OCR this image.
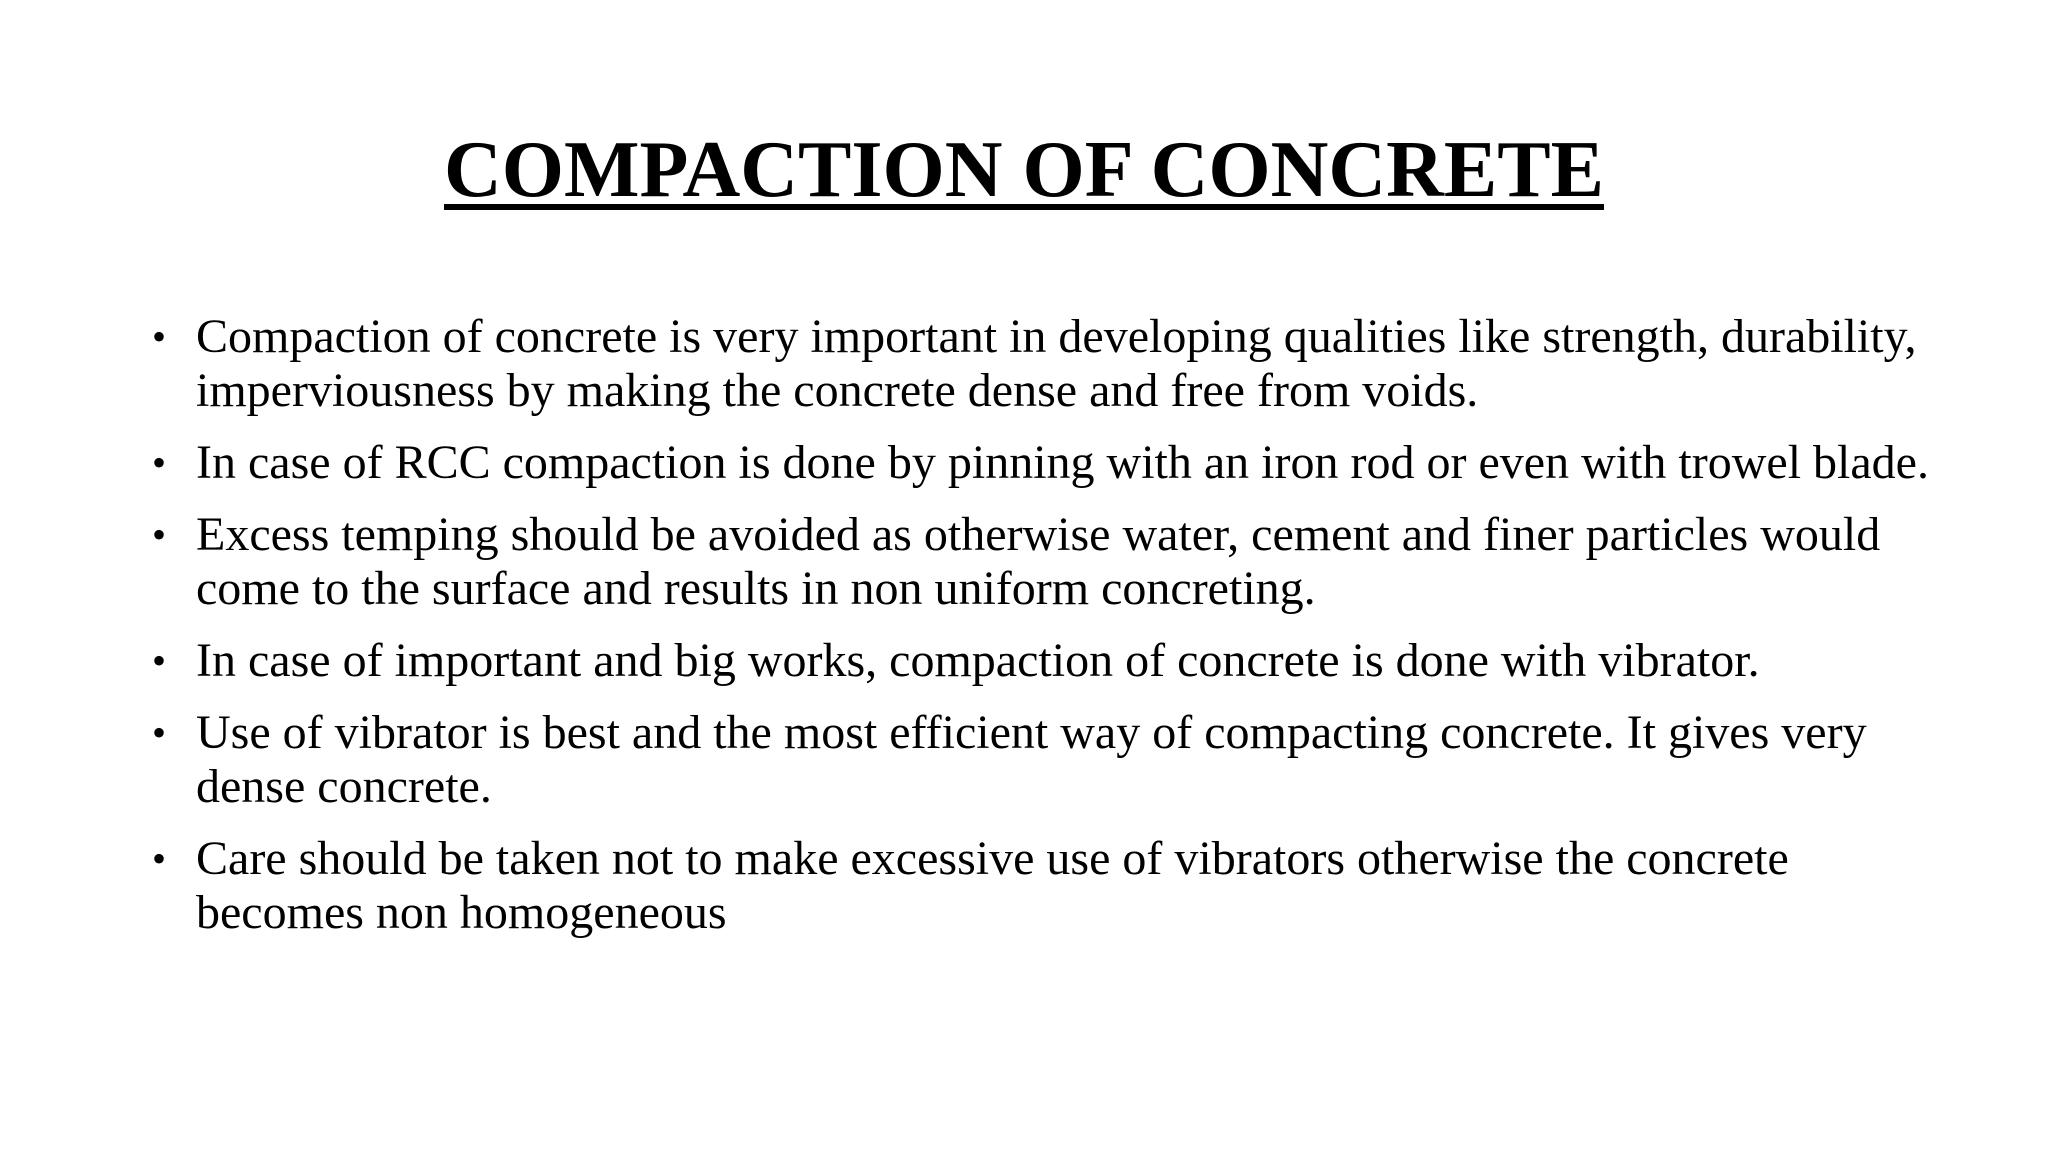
COMPACTION OF CONCRETE
• Compaction of concrete is very important in developing qualities like strength, durability, imperviousness by making the concrete dense and free from voids.
• In case of RCC compaction is done by pinning with an iron rod or even with trowel blade.
• Excess temping should be avoided as otherwise water, cement and finer particles would come to the surface and results in non uniform concreting.
• In case of important and big works, compaction of concrete is done with vibrator.
• Use of vibrator is best and the most efficient way of compacting concrete. It gives very dense concrete.
• Care should be taken not to make excessive use of vibrators otherwise the concrete becomes non homogeneous
